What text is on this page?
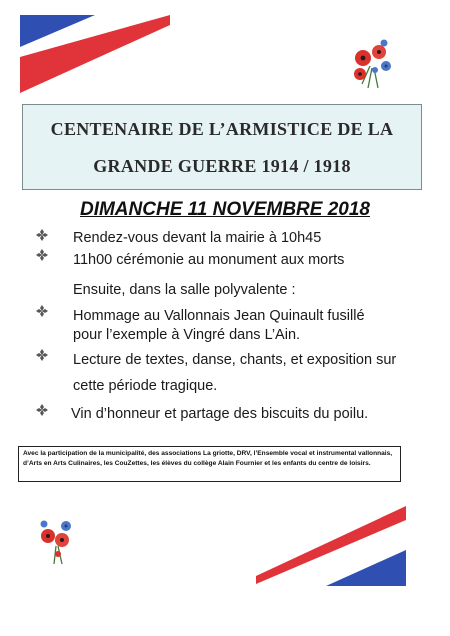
CENTENAIRE DE L’ARMISTICE DE LA
GRANDE GUERRE 1914 / 1918
DIMANCHE 11 NOVEMBRE 2018
Rendez-vous devant la mairie à 10h45
11h00 cérémonie au monument aux morts
Ensuite, dans la salle polyvalente :
Hommage au Vallonnais Jean Quinault fusillé
pour l’exemple à Vingré dans L’Ain.
Lecture de textes, danse, chants, et exposition sur
cette période tragique.
Vin d’honneur et partage des biscuits du poilu.
Avec la participation de la municipalité, des associations La griotte, DRV, l’Ensemble vocal et instrumental vallonnais, d’Arts en Arts Culinaires, les CouZettes, les élèves du collège Alain Fournier et les enfants du centre de loisirs.
